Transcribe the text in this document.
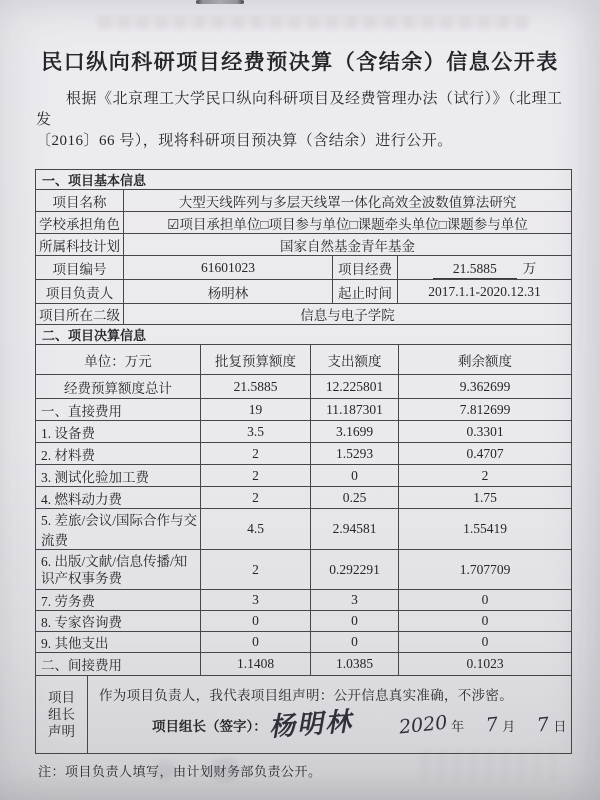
民口纵向科研项目经费预决算（含结余）信息公开表

根据《北京理工大学民口纵向科研项目及经费管理办法（试行）》（北理工发
〔2016〕66 号），现将科研项目预决算（含结余）进行公开。

一、项目基本信息			
项目名称	大型天线阵列与多层天线罩一体化高效全波数值算法研究		
学校承担角色	☑项目承担单位□项目参与单位□课题牵头单位□课题参与单位		
所属科技计划	国家自然基金青年基金		
项目编号	61601023	项目经费	21.5885 万
项目负责人	杨明林	起止时间	2017.1.1-2020.12.31
项目所在二级	信息与电子学院		
二、项目决算信息			
单位：万元	批复预算额度	支出额度	剩余额度
经费预算额度总计	21.5885	12.225801	9.362699
一、直接费用	19	11.187301	7.812699
1. 设备费	3.5	3.1699	0.3301
2. 材料费	2	1.5293	0.4707
3. 测试化验加工费	2	0	2
4. 燃料动力费	2	0.25	1.75
5. 差旅/会议/国际合作与交流费	4.5	2.94581	1.55419
6. 出版/文献/信息传播/知识产权事务费	2	0.292291	1.707709
7. 劳务费	3	3	0
8. 专家咨询费	0	0	0
9. 其他支出	0	0	0
二、间接费用	1.1408	1.0385	0.1023
项目
组长
声明

作为项目负责人，我代表项目组声明：公开信息真实准确，不涉密。
项目组长（签字）： 杨明林 2020 年 7 月 7 日

注：项目负责人填写，由计划财务部负责公开。
